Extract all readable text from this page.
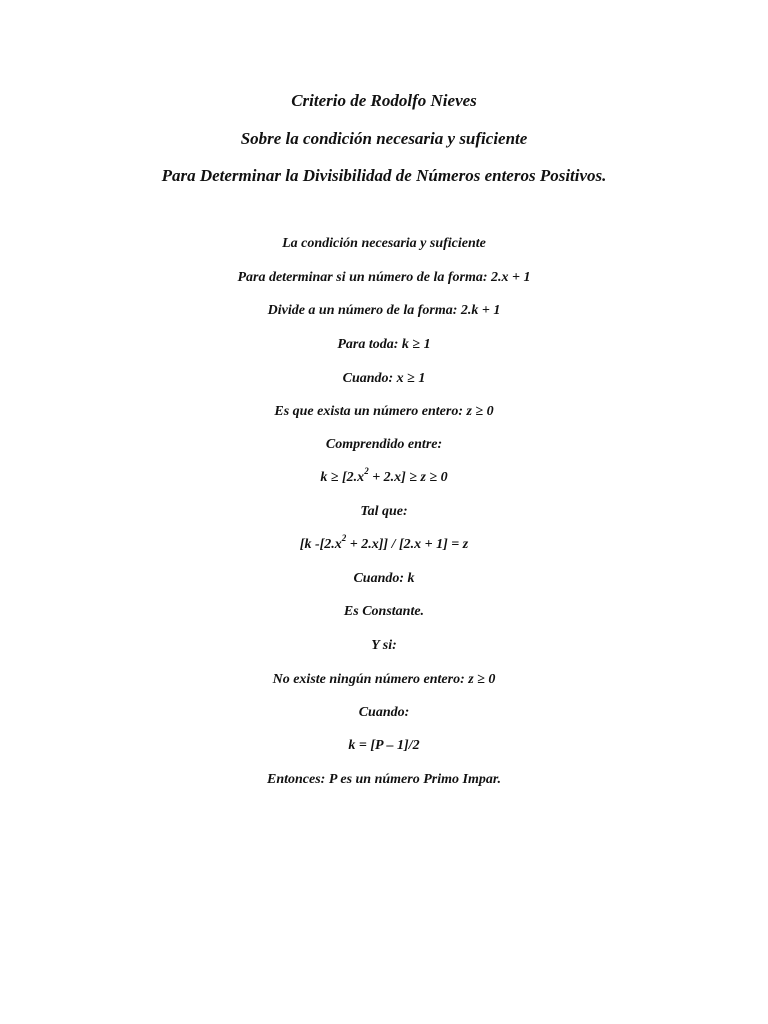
Criterio de Rodolfo Nieves
Sobre la condición necesaria y suficiente
Para Determinar la Divisibilidad de Números enteros Positivos.
La condición necesaria y suficiente
Para determinar si un número de la forma: 2.x + 1
Divide a un número de la forma: 2.k + 1
Para toda: k ≥ 1
Cuando: x ≥ 1
Es que exista un número entero: z ≥ 0
Comprendido entre:
$k \ge [2.x^2 + 2.x] \ge z \ge 0$
Tal que:
[k $-[2.x^2 + 2.x]] / [2.x + 1] = z$
Cuando: k
Es Constante.
Y si:
No existe ningún número entero: z ≥ 0
Cuando:
k = [P – 1]/2
Entonces: P es un número Primo Impar.
